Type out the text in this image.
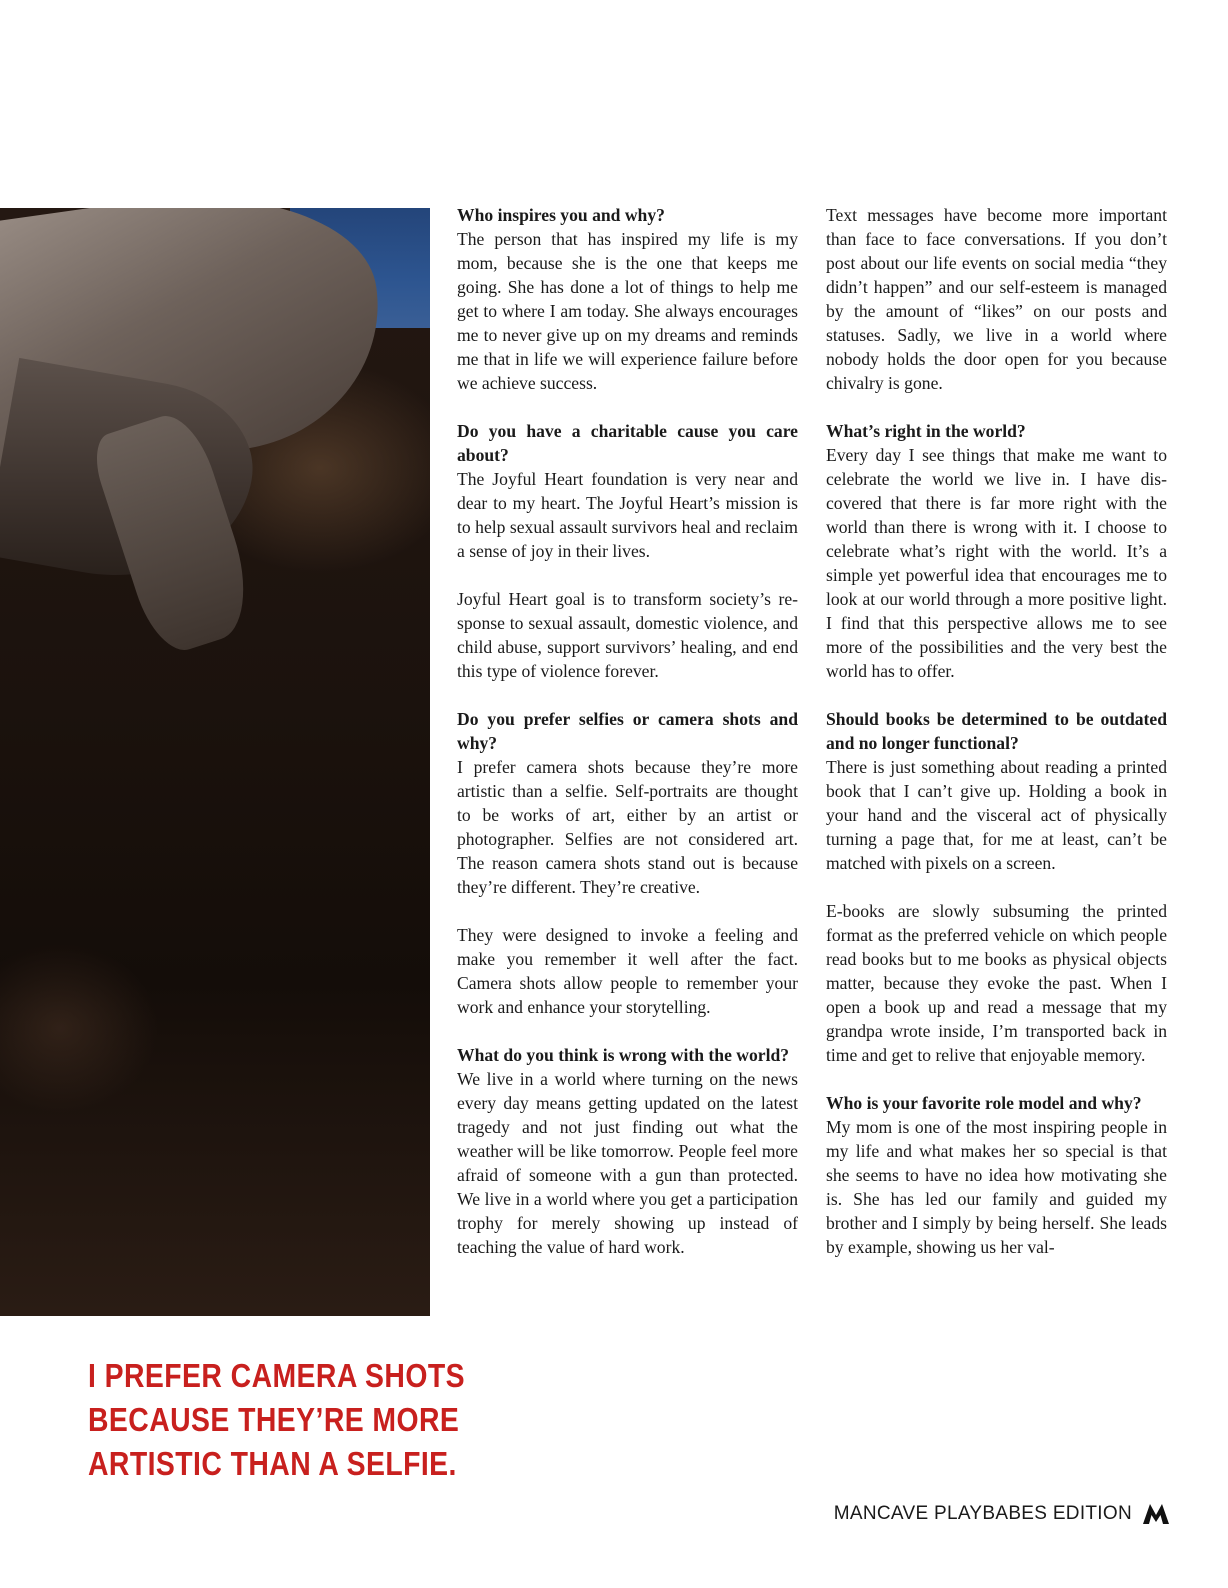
Who inspires you and why?

The person that has inspired my life is my mom, because she is the one that keeps me going. She has done a lot of things to help me get to where I am today. She always encourages me to never give up on my dreams and reminds me that in life we will experience failure before we achieve success.

Do you have a charitable cause you care about?

The Joyful Heart foundation is very near and dear to my heart. The Joyful Heart’s mission is to help sexual assault survivors heal and reclaim a sense of joy in their lives.

Joyful Heart goal is to transform society’s response to sexual assault, domestic violence, and child abuse, support survivors’ healing, and end this type of violence forever.

Do you prefer selfies or camera shots and why?

I prefer camera shots because they’re more artistic than a selfie. Self-portraits are thought to be works of art, either by an artist or photographer. Selfies are not considered art. The reason camera shots stand out is because they’re different. They’re creative.

They were designed to invoke a feeling and make you remember it well after the fact. Camera shots allow people to remember your work and enhance your storytelling.

What do you think is wrong with the world?

We live in a world where turning on the news every day means getting updated on the latest tragedy and not just finding out what the weather will be like tomorrow. People feel more afraid of someone with a gun than protected. We live in a world where you get a participation trophy for merely showing up instead of teaching the value of hard work.

Text messages have become more important than face to face conversations. If you don’t post about our life events on social media “they didn’t happen” and our self-esteem is managed by the amount of “likes” on our posts and statuses. Sadly, we live in a world where nobody holds the door open for you because chivalry is gone.

What’s right in the world?

Every day I see things that make me want to celebrate the world we live in. I have discovered that there is far more right with the world than there is wrong with it. I choose to celebrate what’s right with the world. It’s a simple yet powerful idea that encourages me to look at our world through a more positive light. I find that this perspective allows me to see more of the possibilities and the very best the world has to offer.

Should books be determined to be outdated and no longer functional?

There is just something about reading a printed book that I can’t give up. Holding a book in your hand and the visceral act of physically turning a page that, for me at least, can’t be matched with pixels on a screen.

E-books are slowly subsuming the printed format as the preferred vehicle on which people read books but to me books as physical objects matter, because they evoke the past. When I open a book up and read a message that my grandpa wrote inside, I’m transported back in time and get to relive that enjoyable memory.

Who is your favorite role model and why?

My mom is one of the most inspiring people in my life and what makes her so special is that she seems to have no idea how motivating she is. She has led our family and guided my brother and I simply by being herself. She leads by example, showing us her val-

I PREFER CAMERA SHOTS
BECAUSE THEY’RE MORE
ARTISTIC THAN A SELFIE.
MANCAVE PLAYBABES EDITION
